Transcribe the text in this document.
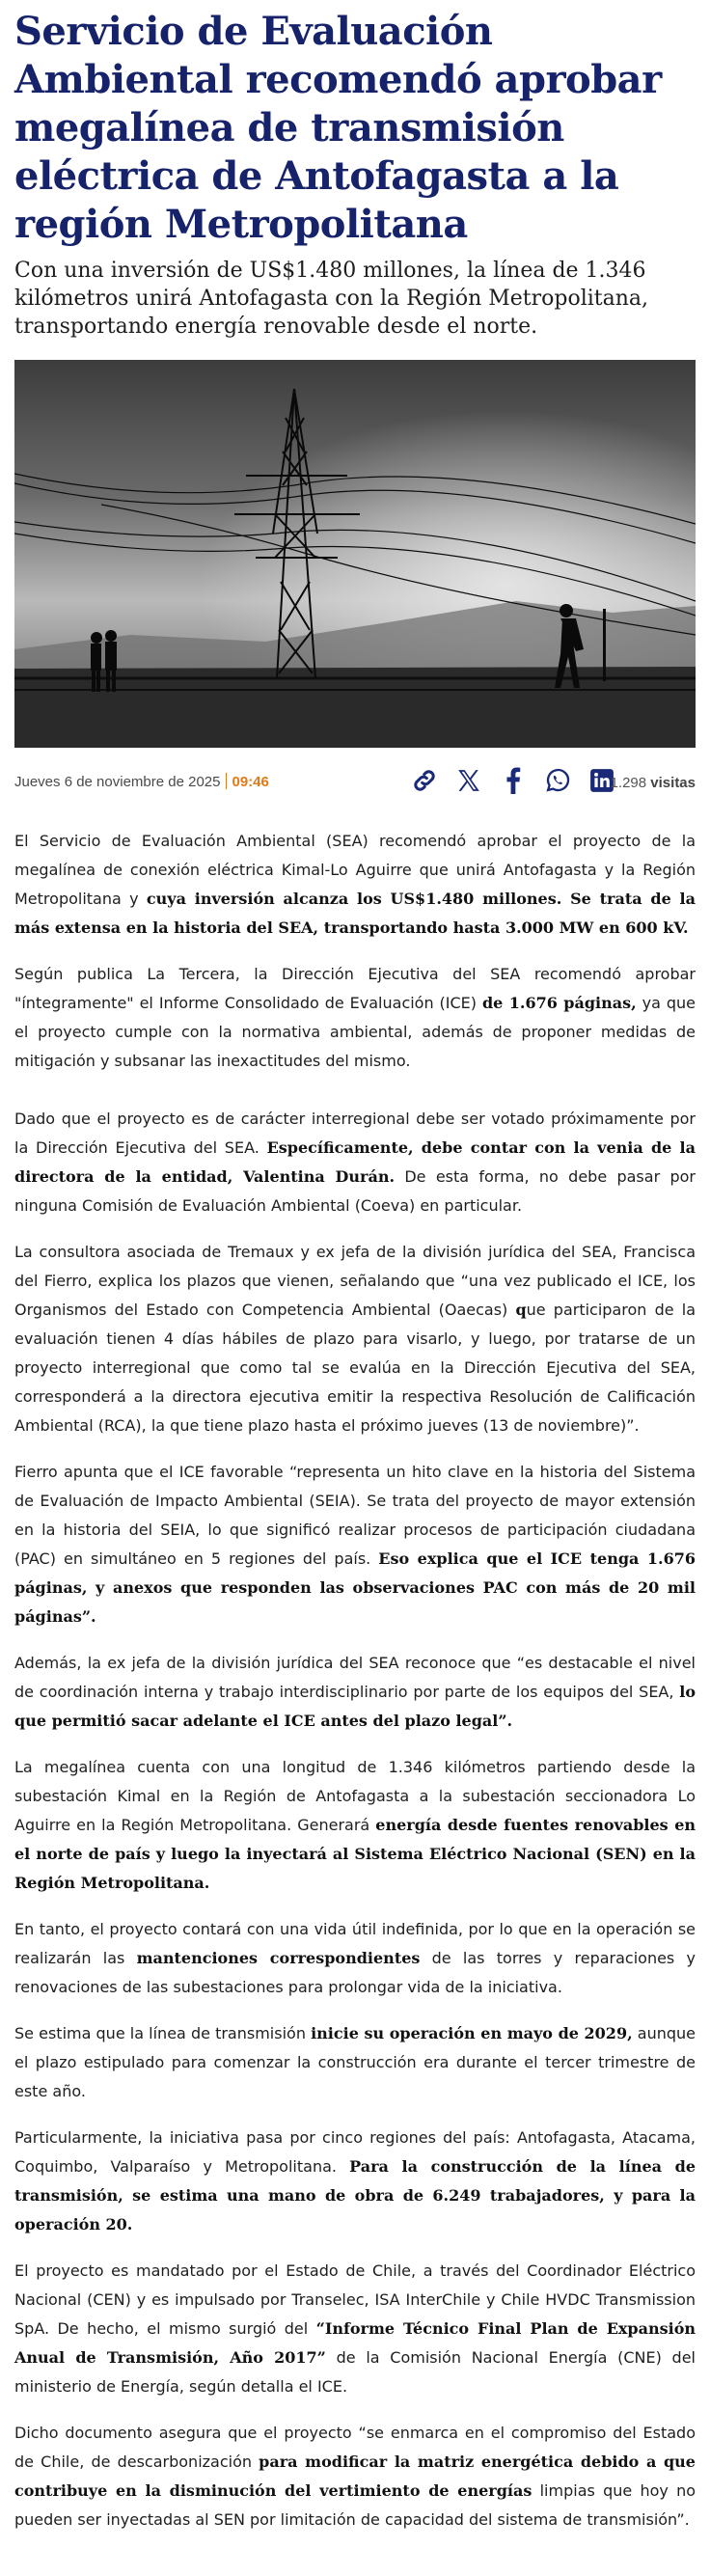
Servicio de Evaluación Ambiental recomendó aprobar megalínea de transmisión eléctrica de Antofagasta a la región Metropolitana

Con una inversión de US$1.480 millones, la línea de 1.346 kilómetros unirá Antofagasta con la Región Metropolitana, transportando energía renovable desde el norte.

Jueves 6 de noviembre de 2025 09:46	1.298 visitas

El Servicio de Evaluación Ambiental (SEA) recomendó aprobar el proyecto de la megalínea de conexión eléctrica Kimal-Lo Aguirre que unirá Antofagasta y la Región Metropolitana y cuya inversión alcanza los US$1.480 millones. Se trata de la más extensa en la historia del SEA, transportando hasta 3.000 MW en 600 kV.

Según publica La Tercera, la Dirección Ejecutiva del SEA recomendó aprobar "íntegramente" el Informe Consolidado de Evaluación (ICE) de 1.676 páginas, ya que el proyecto cumple con la normativa ambiental, además de proponer medidas de mitigación y subsanar las inexactitudes del mismo.

Dado que el proyecto es de carácter interregional debe ser votado próximamente por la Dirección Ejecutiva del SEA. Específicamente, debe contar con la venia de la directora de la entidad, Valentina Durán. De esta forma, no debe pasar por ninguna Comisión de Evaluación Ambiental (Coeva) en particular.

La consultora asociada de Tremaux y ex jefa de la división jurídica del SEA, Francisca del Fierro, explica los plazos que vienen, señalando que “una vez publicado el ICE, los Organismos del Estado con Competencia Ambiental (Oaecas) que participaron de la evaluación tienen 4 días hábiles de plazo para visarlo, y luego, por tratarse de un proyecto interregional que como tal se evalúa en la Dirección Ejecutiva del SEA, corresponderá a la directora ejecutiva emitir la respectiva Resolución de Calificación Ambiental (RCA), la que tiene plazo hasta el próximo jueves (13 de noviembre)”.

Fierro apunta que el ICE favorable “representa un hito clave en la historia del Sistema de Evaluación de Impacto Ambiental (SEIA). Se trata del proyecto de mayor extensión en la historia del SEIA, lo que significó realizar procesos de participación ciudadana (PAC) en simultáneo en 5 regiones del país. Eso explica que el ICE tenga 1.676 páginas, y anexos que responden las observaciones PAC con más de 20 mil páginas”.

Además, la ex jefa de la división jurídica del SEA reconoce que “es destacable el nivel de coordinación interna y trabajo interdisciplinario por parte de los equipos del SEA, lo que permitió sacar adelante el ICE antes del plazo legal”.

La megalínea cuenta con una longitud de 1.346 kilómetros partiendo desde la subestación Kimal en la Región de Antofagasta a la subestación seccionadora Lo Aguirre en la Región Metropolitana. Generará energía desde fuentes renovables en el norte de país y luego la inyectará al Sistema Eléctrico Nacional (SEN) en la Región Metropolitana.

En tanto, el proyecto contará con una vida útil indefinida, por lo que en la operación se realizarán las mantenciones correspondientes de las torres y reparaciones y renovaciones de las subestaciones para prolongar vida de la iniciativa.

Se estima que la línea de transmisión inicie su operación en mayo de 2029, aunque el plazo estipulado para comenzar la construcción era durante el tercer trimestre de este año.

Particularmente, la iniciativa pasa por cinco regiones del país: Antofagasta, Atacama, Coquimbo, Valparaíso y Metropolitana. Para la construcción de la línea de transmisión, se estima una mano de obra de 6.249 trabajadores, y para la operación 20.

El proyecto es mandatado por el Estado de Chile, a través del Coordinador Eléctrico Nacional (CEN) y es impulsado por Transelec, ISA InterChile y Chile HVDC Transmission SpA. De hecho, el mismo surgió del “Informe Técnico Final Plan de Expansión Anual de Transmisión, Año 2017” de la Comisión Nacional Energía (CNE) del ministerio de Energía, según detalla el ICE.

Dicho documento asegura que el proyecto “se enmarca en el compromiso del Estado de Chile, de descarbonización para modificar la matriz energética debido a que contribuye en la disminución del vertimiento de energías limpias que hoy no pueden ser inyectadas al SEN por limitación de capacidad del sistema de transmisión”.
